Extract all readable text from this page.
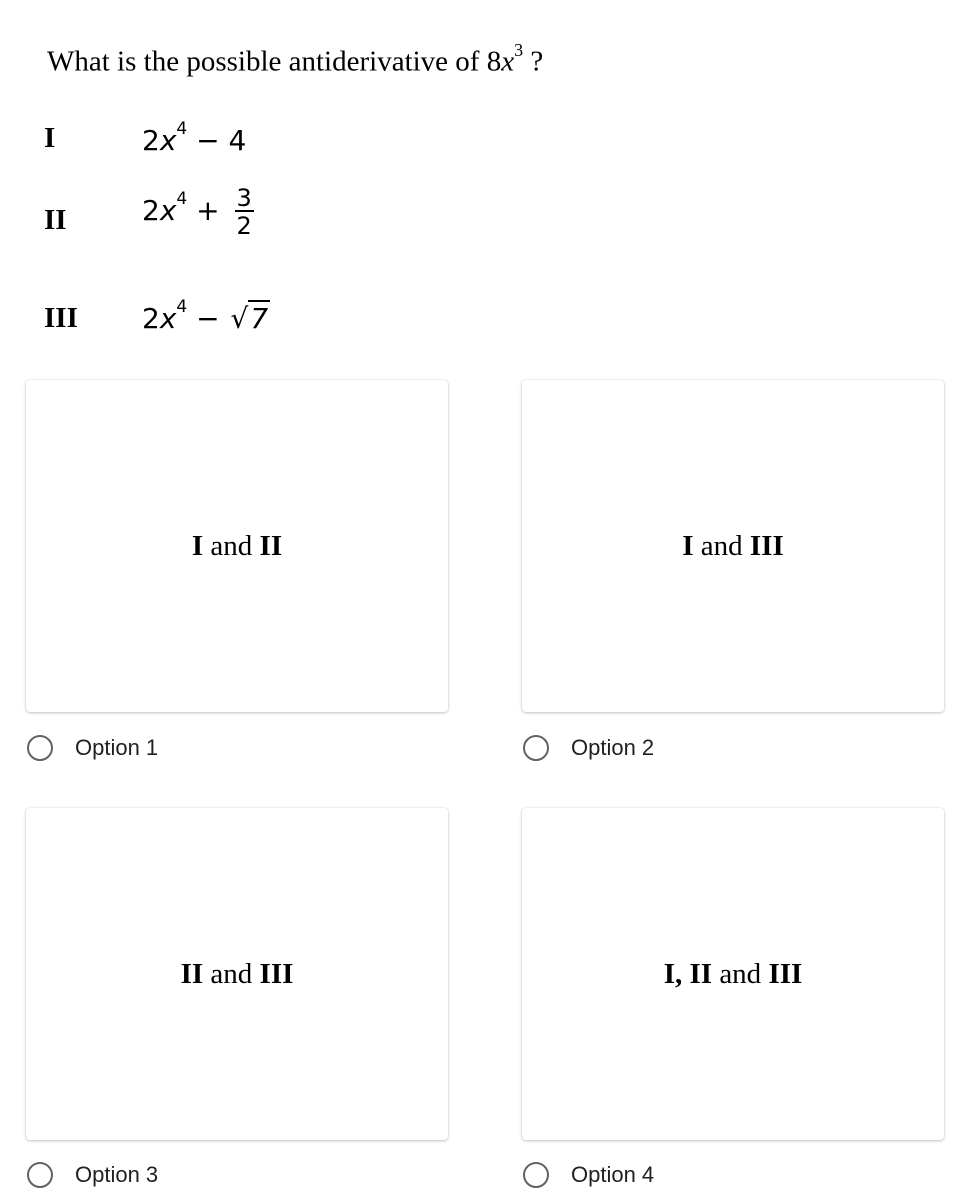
What is the possible antiderivative of $8x^3$ ?
I	$2x^4 - 4$
II	$2x^4 + \frac{3}{2}$
III $2x^4 - √7$
I and II	I and III
Option 1	Option 2
II and III	I, II and III
Option 3	Option 4
